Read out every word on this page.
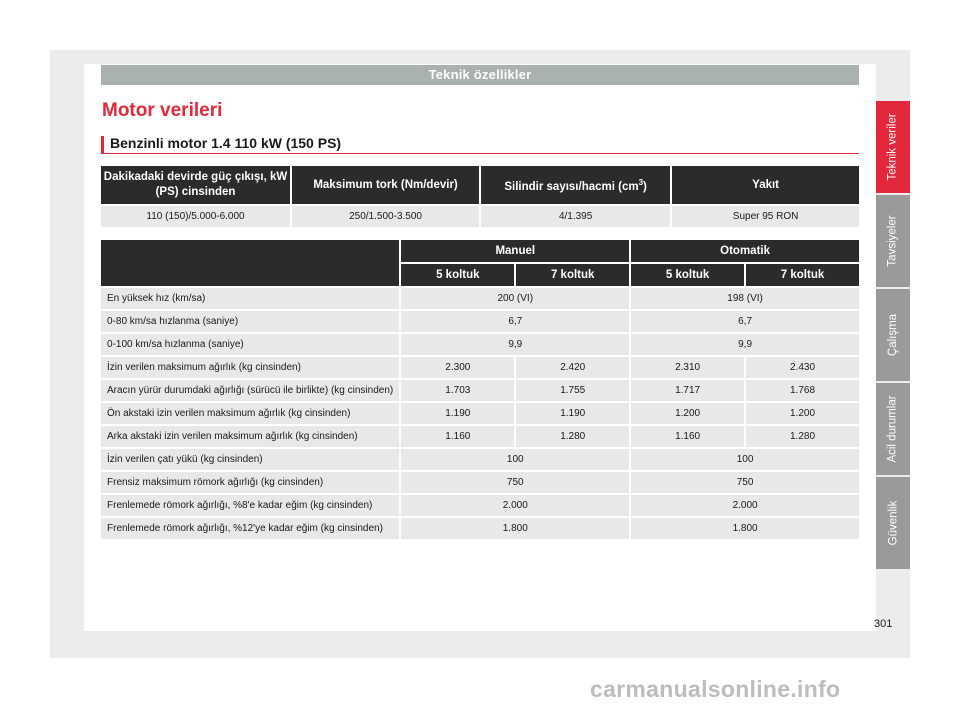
Teknik özellikler
Motor verileri
Benzinli motor 1.4 110 kW (150 PS)
Dakikadaki devirde güç çıkışı, kW (PS) cinsinden	Maksimum tork (Nm/devir)	Silindir sayısı/hacmi $(cm^3)$	Yakıt
110 (150)/5.000-6.000	250/1.500-3.500	4/1.395	Super 95 RON
	Manuel		Otomatik	
	5 koltuk	7 koltuk	5 koltuk	7 koltuk
En yüksek hız (km/sa)	200 (VI)		198 (VI)	
0-80 km/sa hızlanma (saniye)	6,7		6,7	
0-100 km/sa hızlanma (saniye)	9,9		9,9	
İzin verilen maksimum ağırlık (kg cinsinden)	2.300	2.420	2.310	2.430
Aracın yürür durumdaki ağırlığı (sürücü ile birlikte) (kg cinsinden)	1.703	1.755	1.717	1.768
Ön akstaki izin verilen maksimum ağırlık (kg cinsinden)	1.190	1.190	1.200	1.200
Arka akstaki izin verilen maksimum ağırlık (kg cinsinden)	1.160	1.280	1.160	1.280
İzin verilen çatı yükü (kg cinsinden)	100		100	
Frensiz maksimum römork ağırlığı (kg cinsinden)	750		750	
Frenlemede römork ağırlığı, %8'e kadar eğim (kg cinsinden)	2.000		2.000	
Frenlemede römork ağırlığı, %12'ye kadar eğim (kg cinsinden)	1.800		1.800	
Teknik veriler
Tavsiyeler
Çalışma
Acil durumlar
Güvenlik
301
carmanualsonline.info
